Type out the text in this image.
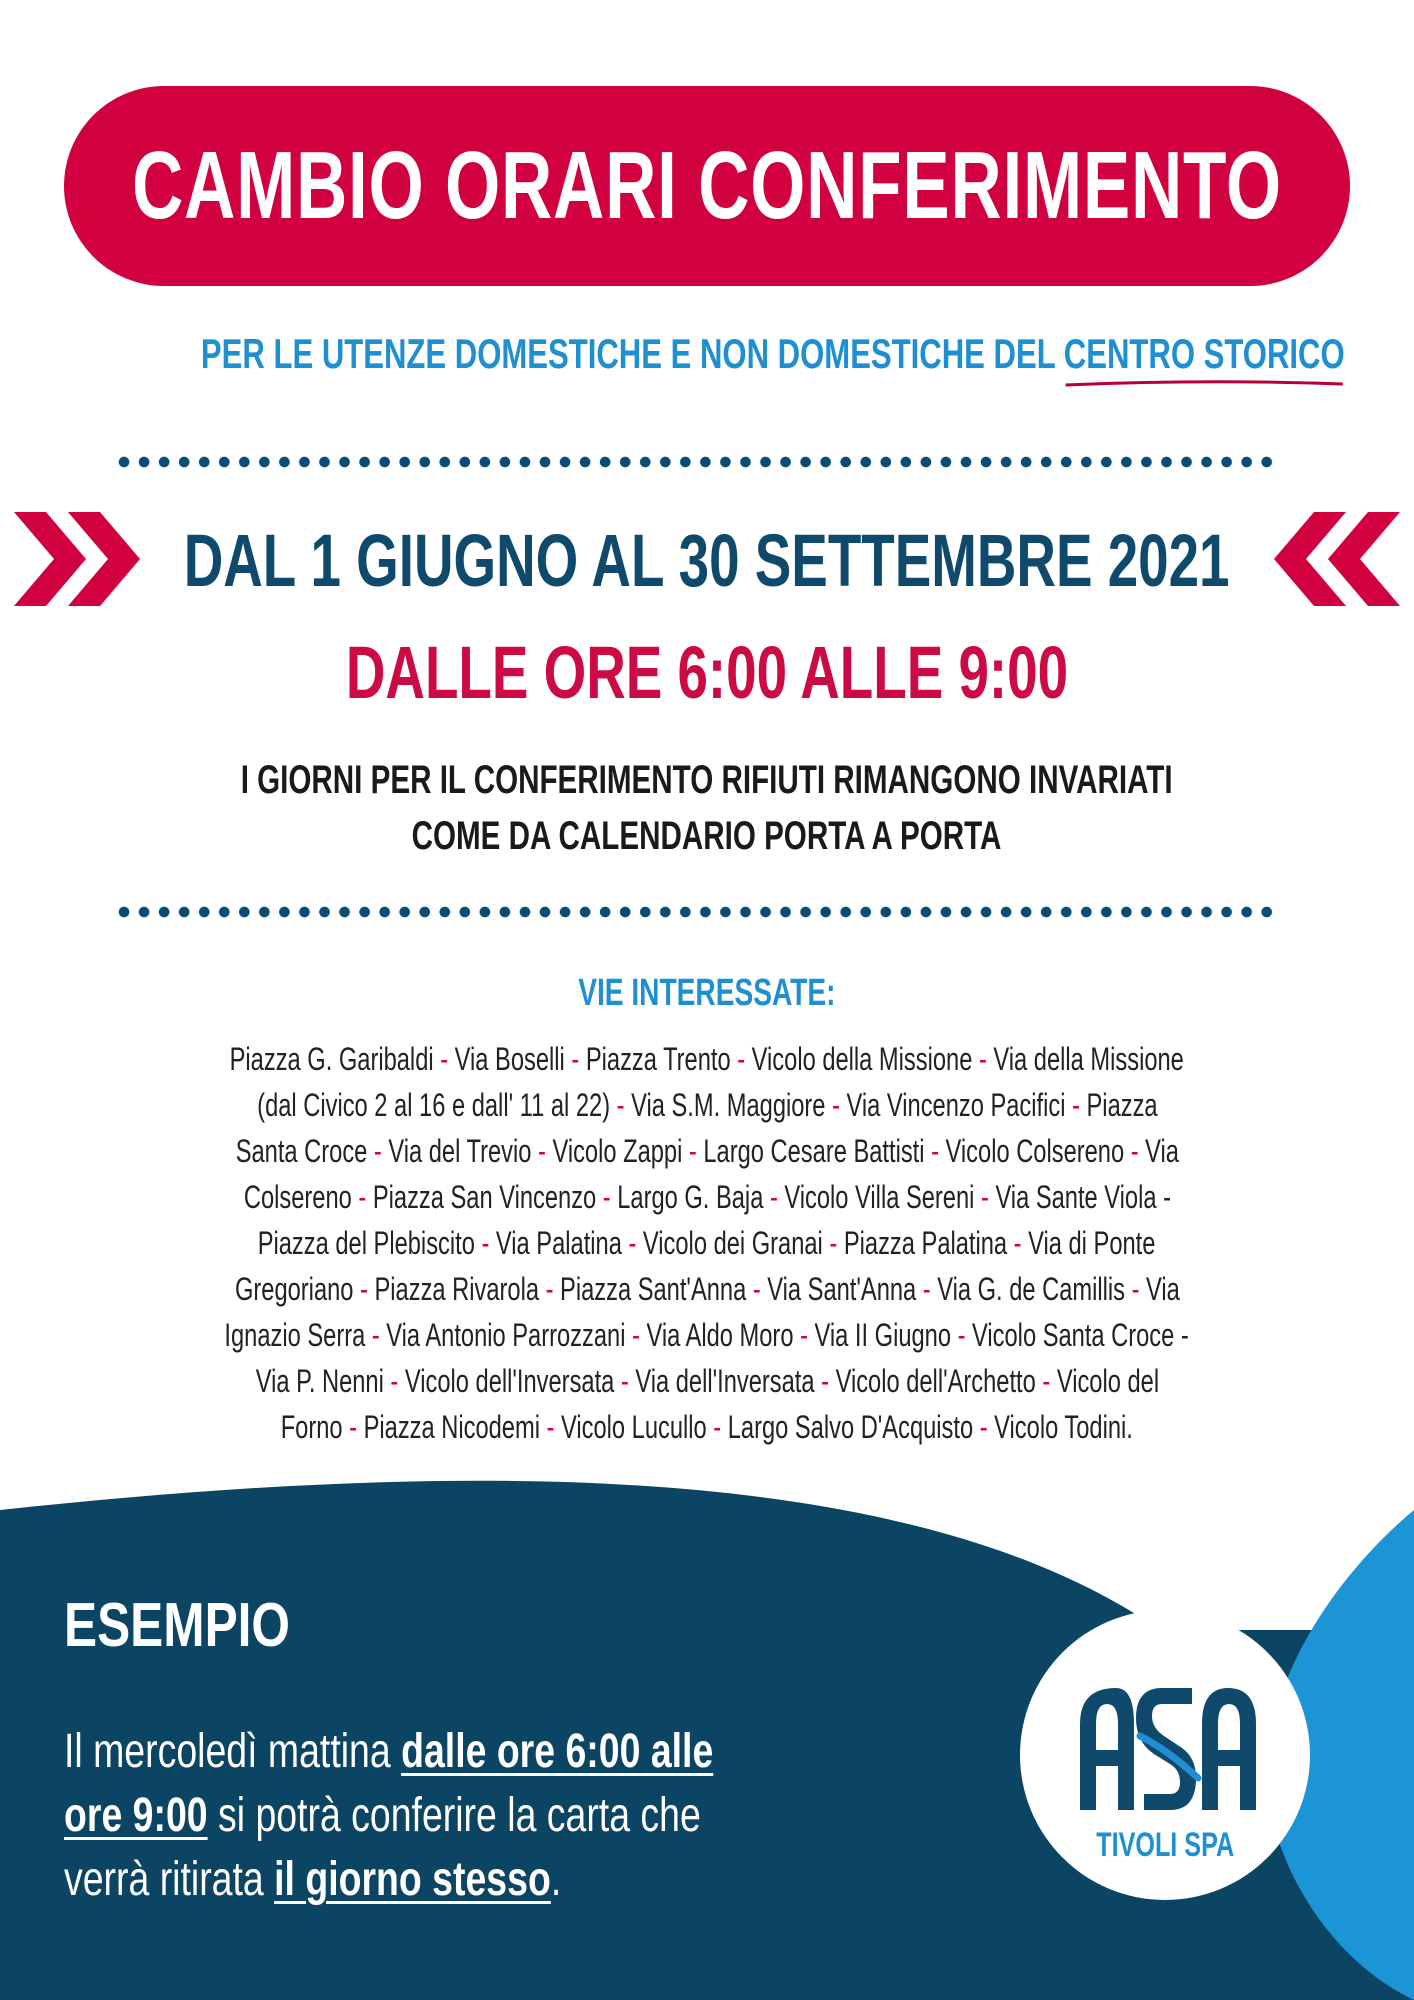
CAMBIO ORARI CONFERIMENTO
PER LE UTENZE DOMESTICHE E NON DOMESTICHE DEL CENTRO STORICO
DAL 1 GIUGNO AL 30 SETTEMBRE 2021
DALLE ORE 6:00 ALLE 9:00
I GIORNI PER IL CONFERIMENTO RIFIUTI RIMANGONO INVARIATI
COME DA CALENDARIO PORTA A PORTA
VIE INTERESSATE:
Piazza G. Garibaldi - Via Boselli - Piazza Trento - Vicolo della Missione - Via della Missione
(dal Civico 2 al 16 e dall' 11 al 22) - Via S.M. Maggiore - Via Vincenzo Pacifici - Piazza
Santa Croce - Via del Trevio - Vicolo Zappi - Largo Cesare Battisti - Vicolo Colsereno - Via
Colsereno - Piazza San Vincenzo - Largo G. Baja - Vicolo Villa Sereni - Via Sante Viola -
Piazza del Plebiscito - Via Palatina - Vicolo dei Granai - Piazza Palatina - Via di Ponte
Gregoriano - Piazza Rivarola - Piazza Sant'Anna - Via Sant'Anna - Via G. de Camillis - Via
Ignazio Serra - Via Antonio Parrozzani - Via Aldo Moro - Via II Giugno - Vicolo Santa Croce -
Via P. Nenni - Vicolo dell'Inversata - Via dell'Inversata - Vicolo dell'Archetto - Vicolo del
Forno - Piazza Nicodemi - Vicolo Lucullo - Largo Salvo D'Acquisto - Vicolo Todini.
ESEMPIO
Il mercoledì mattina dalle ore 6:00 alle
ore 9:00 si potrà conferire la carta che
verrà ritirata il giorno stesso.
TIVOLI SPA
